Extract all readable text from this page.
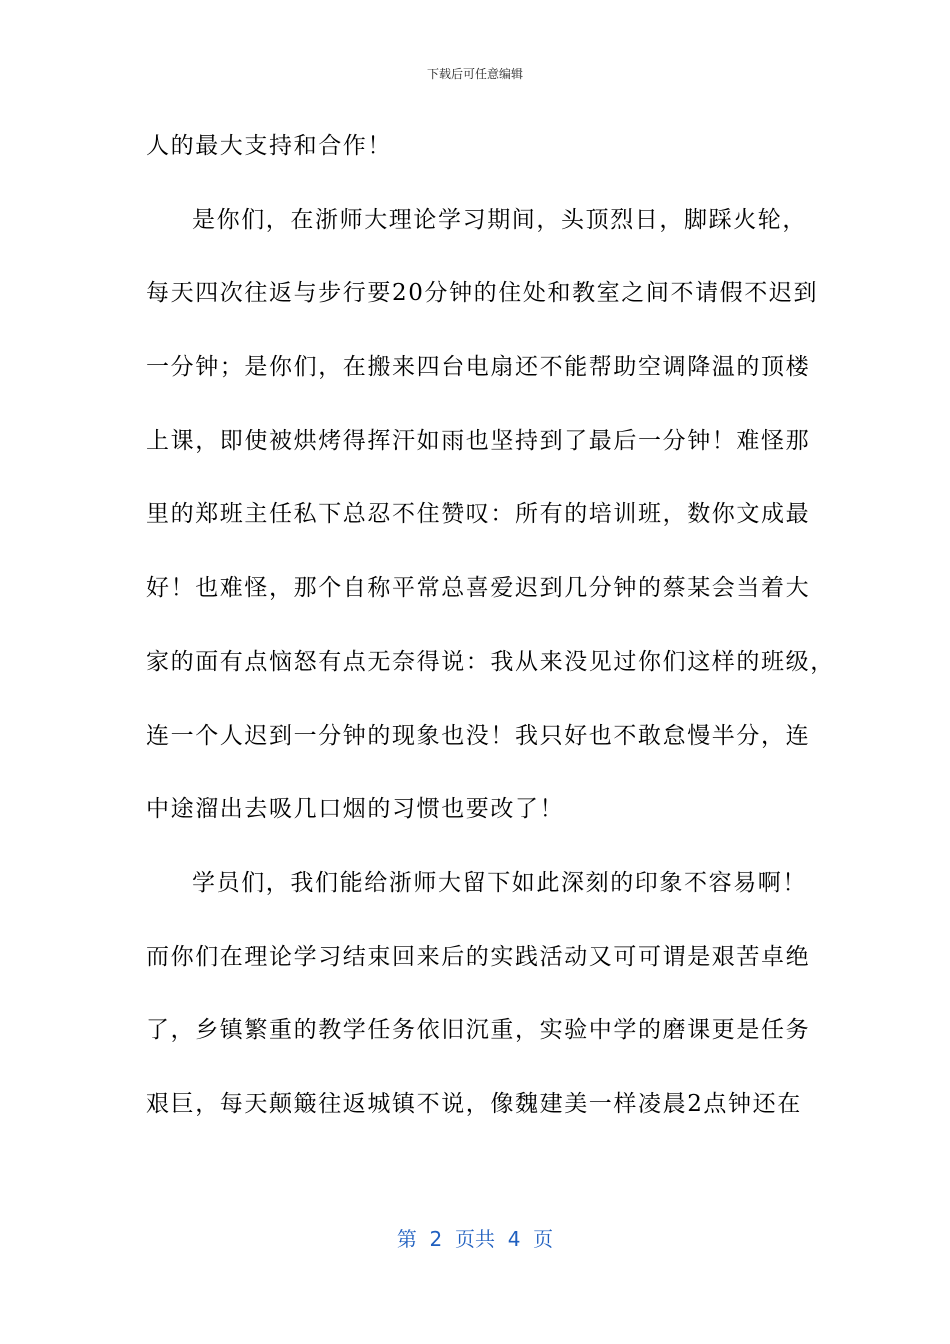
下载后可任意编辑
人的最大支持和合作！
是你们，在浙师大理论学习期间，头顶烈日，脚踩火轮，
每天四次往返与步行要20分钟的住处和教室之间不请假不迟到
一分钟；是你们，在搬来四台电扇还不能帮助空调降温的顶楼
上课，即使被烘烤得挥汗如雨也坚持到了最后一分钟！难怪那
里的郑班主任私下总忍不住赞叹：所有的培训班，数你文成最
好！也难怪，那个自称平常总喜爱迟到几分钟的蔡某会当着大
家的面有点恼怒有点无奈得说：我从来没见过你们这样的班级，
连一个人迟到一分钟的现象也没！我只好也不敢怠慢半分，连
中途溜出去吸几口烟的习惯也要改了！
学员们，我们能给浙师大留下如此深刻的印象不容易啊！
而你们在理论学习结束回来后的实践活动又可可谓是艰苦卓绝
了，乡镇繁重的教学任务依旧沉重，实验中学的磨课更是任务
艰巨，每天颠簸往返城镇不说，像魏建美一样凌晨2点钟还在
第  2  页共  4  页
